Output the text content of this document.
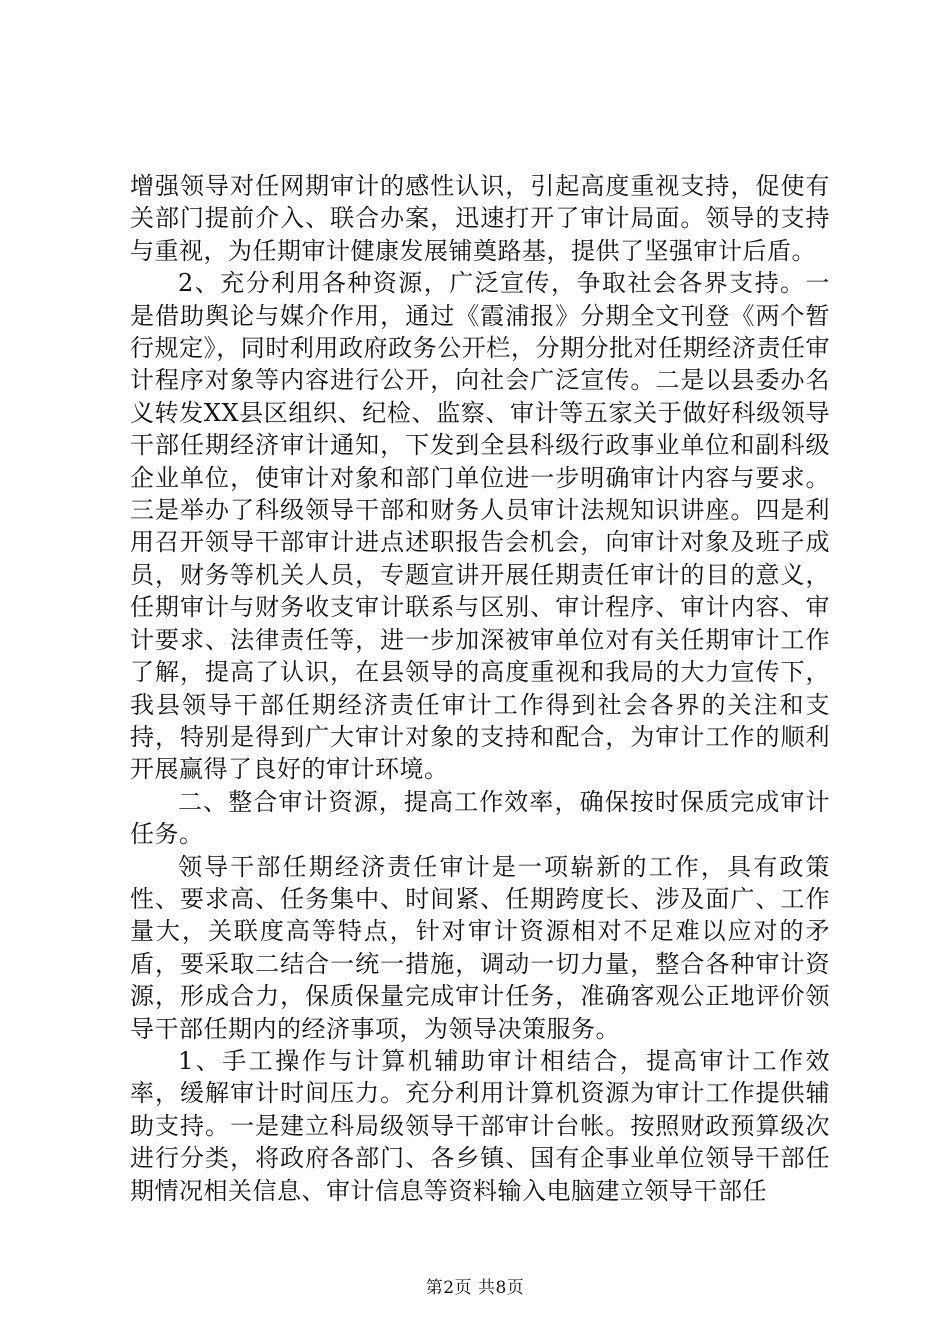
增强领导对任网期审计的感性认识，引起高度重视支持，促使有关部门提前介入、联合办案，迅速打开了审计局面。领导的支持与重视，为任期审计健康发展铺奠路基，提供了坚强审计后盾。

2、充分利用各种资源，广泛宣传，争取社会各界支持。一是借助舆论与媒介作用，通过《霞浦报》分期全文刊登《两个暂行规定》，同时利用政府政务公开栏，分期分批对任期经济责任审计程序对象等内容进行公开，向社会广泛宣传。二是以县委办名义转发XX县区组织、纪检、监察、审计等五家关于做好科级领导干部任期经济审计通知，下发到全县科级行政事业单位和副科级企业单位，使审计对象和部门单位进一步明确审计内容与要求。三是举办了科级领导干部和财务人员审计法规知识讲座。四是利用召开领导干部审计进点述职报告会机会，向审计对象及班子成员，财务等机关人员，专题宣讲开展任期责任审计的目的意义，任期审计与财务收支审计联系与区别、审计程序、审计内容、审计要求、法律责任等，进一步加深被审单位对有关任期审计工作了解，提高了认识，在县领导的高度重视和我局的大力宣传下，我县领导干部任期经济责任审计工作得到社会各界的关注和支持，特别是得到广大审计对象的支持和配合，为审计工作的顺利开展赢得了良好的审计环境。

二、整合审计资源，提高工作效率，确保按时保质完成审计任务。

领导干部任期经济责任审计是一项崭新的工作，具有政策性、要求高、任务集中、时间紧、任期跨度长、涉及面广、工作量大，关联度高等特点，针对审计资源相对不足难以应对的矛盾，要采取二结合一统一措施，调动一切力量，整合各种审计资源，形成合力，保质保量完成审计任务，准确客观公正地评价领导干部任期内的经济事项，为领导决策服务。

1、手工操作与计算机辅助审计相结合，提高审计工作效率，缓解审计时间压力。充分利用计算机资源为审计工作提供辅助支持。一是建立科局级领导干部审计台帐。按照财政预算级次进行分类，将政府各部门、各乡镇、国有企事业单位领导干部任期情况相关信息、审计信息等资料输入电脑建立领导干部任

第2页 共8页
